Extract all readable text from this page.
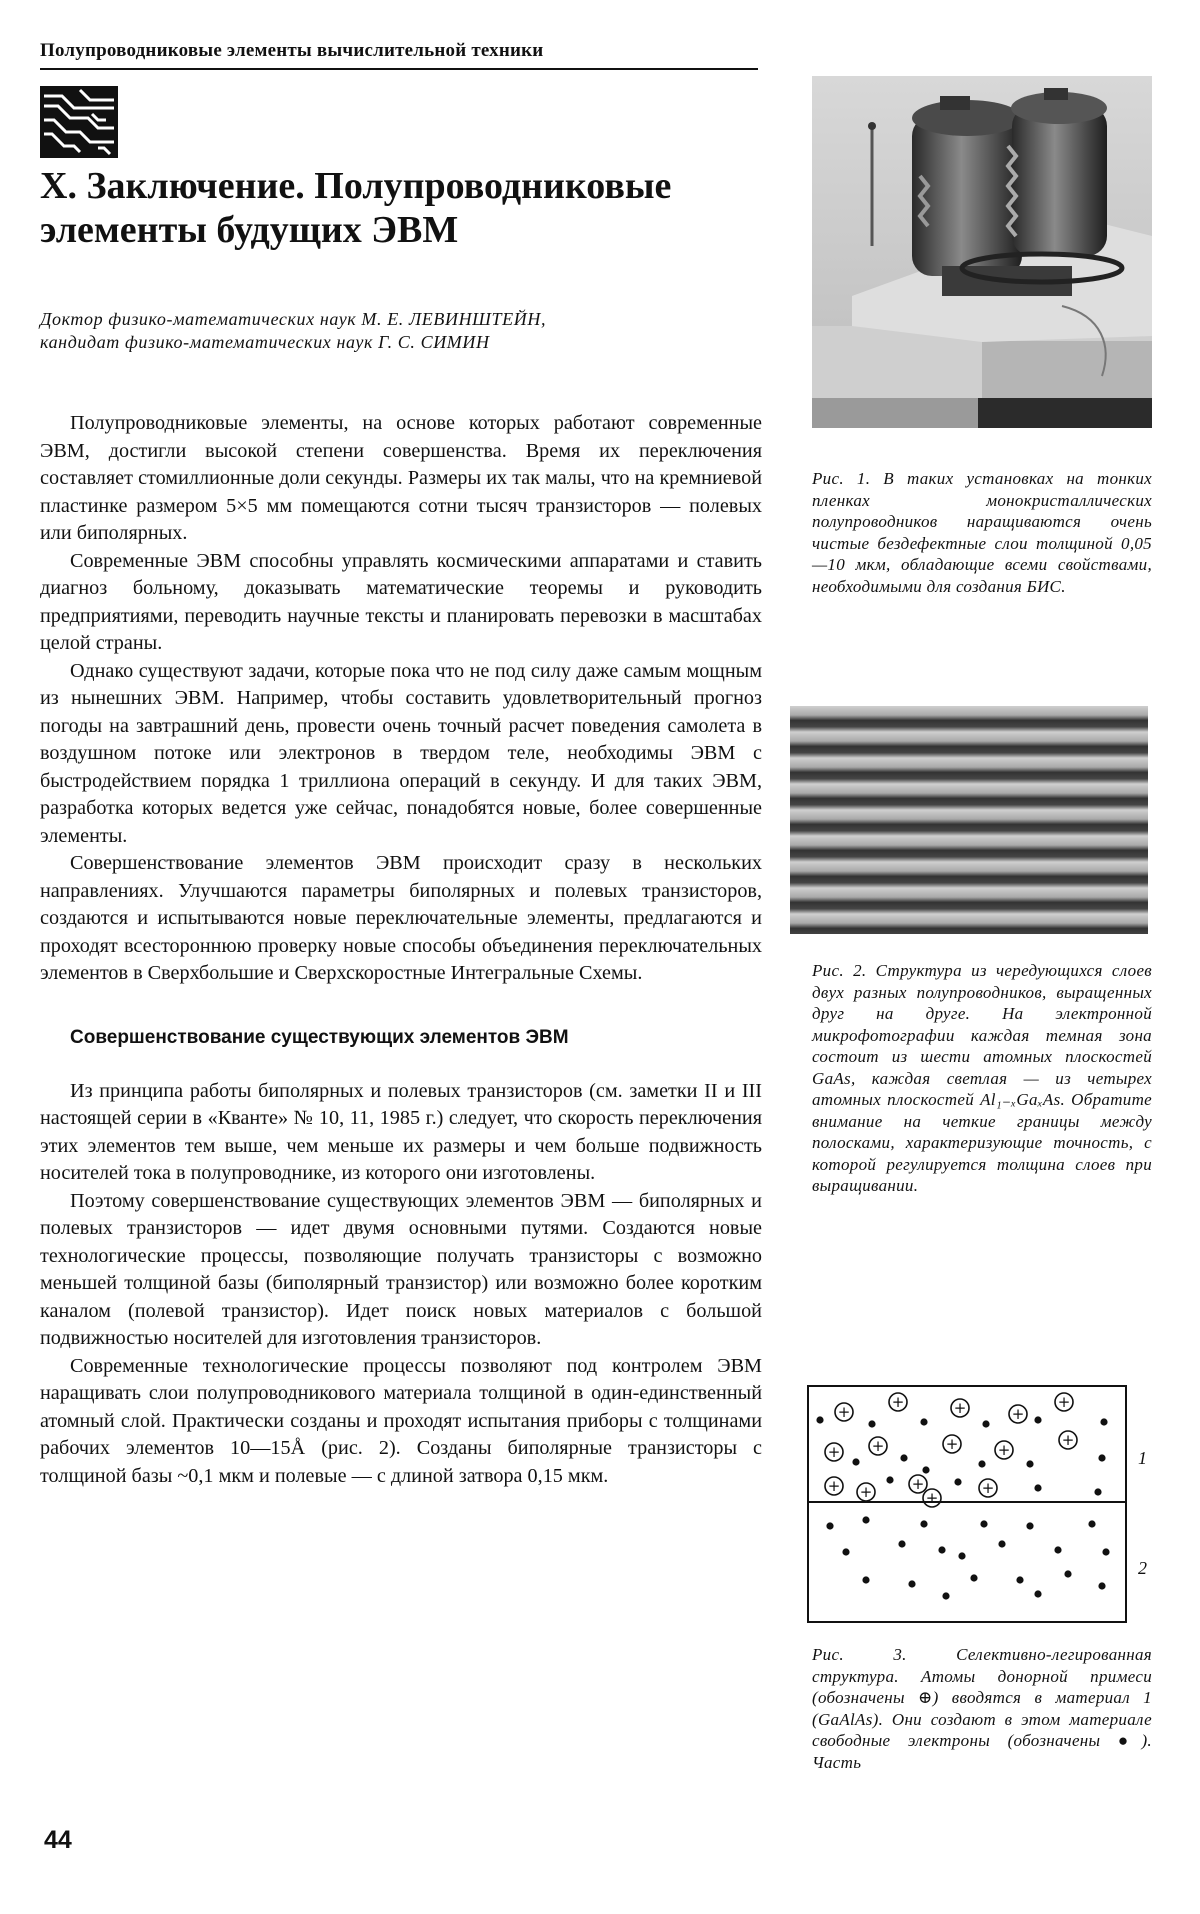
Полупроводниковые элементы вычислительной техники
X. Заключение. Полупроводниковые
элементы будущих ЭВМ
Доктор физико-математических наук М. Е. ЛЕВИНШТЕЙН,
кандидат физико-математических наук Г. С. СИМИН

Полупроводниковые элементы, на основе которых работают современные ЭВМ, достигли высокой степени совершенства. Время их переключения составляет стомиллионные доли секунды. Размеры их так малы, что на кремниевой пластинке размером 5×5 мм помещаются сотни тысяч транзисторов — полевых или биполярных.

Современные ЭВМ способны управлять космическими аппаратами и ставить диагноз больному, доказывать математические теоремы и руководить предприятиями, переводить научные тексты и планировать перевозки в масштабах целой страны.

Однако существуют задачи, которые пока что не под силу даже самым мощным из нынешних ЭВМ. Например, чтобы составить удовлетворительный прогноз погоды на завтрашний день, провести очень точный расчет поведения самолета в воздушном потоке или электронов в твердом теле, необходимы ЭВМ с быстродействием порядка 1 триллиона операций в секунду. И для таких ЭВМ, разработка которых ведется уже сейчас, понадобятся новые, более совершенные элементы.

Совершенствование элементов ЭВМ происходит сразу в нескольких направлениях. Улучшаются параметры биполярных и полевых транзисторов, создаются и испытываются новые переключательные элементы, предлагаются и проходят всестороннюю проверку новые способы объединения переключательных элементов в Сверхбольшие и Сверхскоростные Интегральные Схемы.

Совершенствование существующих элементов ЭВМ

Из принципа работы биполярных и полевых транзисторов (см. заметки II и III настоящей серии в «Кванте» № 10, 11, 1985 г.) следует, что скорость переключения этих элементов тем выше, чем меньше их размеры и чем больше подвижность носителей тока в полупроводнике, из которого они изготовлены.

Поэтому совершенствование существующих элементов ЭВМ — биполярных и полевых транзисторов — идет двумя основными путями. Создаются новые технологические процессы, позволяющие получать транзисторы с возможно меньшей толщиной базы (биполярный транзистор) или возможно более коротким каналом (полевой транзистор). Идет поиск новых материалов с большой подвижностью носителей для изготовления транзисторов.

Современные технологические процессы позволяют под контролем ЭВМ наращивать слои полупроводникового материала толщиной в один-единственный атомный слой. Практически созданы и проходят испытания приборы с толщинами рабочих элементов 10—15Å (рис. 2). Созданы биполярные транзисторы с толщиной базы ~0,1 мкм и полевые — с длиной затвора 0,15 мкм.

44
Рис. 1. В таких установках на тонких пленках монокристаллических полупроводников наращиваются очень чистые бездефектные слои толщиной 0,05—10 мкм, обладающие всеми свойствами, необходимыми для создания БИС.
Рис. 2. Структура из чередующихся слоев двух разных полупроводников, выращенных друг на друге. На электронной микрофотографии каждая темная зона состоит из шести атомных плоскостей GaAs, каждая светлая — из четырех атомных плоскостей Al₁₋ₓGaₓAs. Обратите внимание на четкие границы между полосками, характеризующие точность, с которой регулируется толщина слоев при выращивании.
+
+	+	+
+
+ +	+	+
+
+ +	+	+
+
1
2
Рис. 3. Селективно-легированная структура. Атомы донорной примеси (обозначены ⊕) вводятся в материал 1 (GaAlAs). Они создают в этом материале свободные электроны (обозначены ●). Часть
